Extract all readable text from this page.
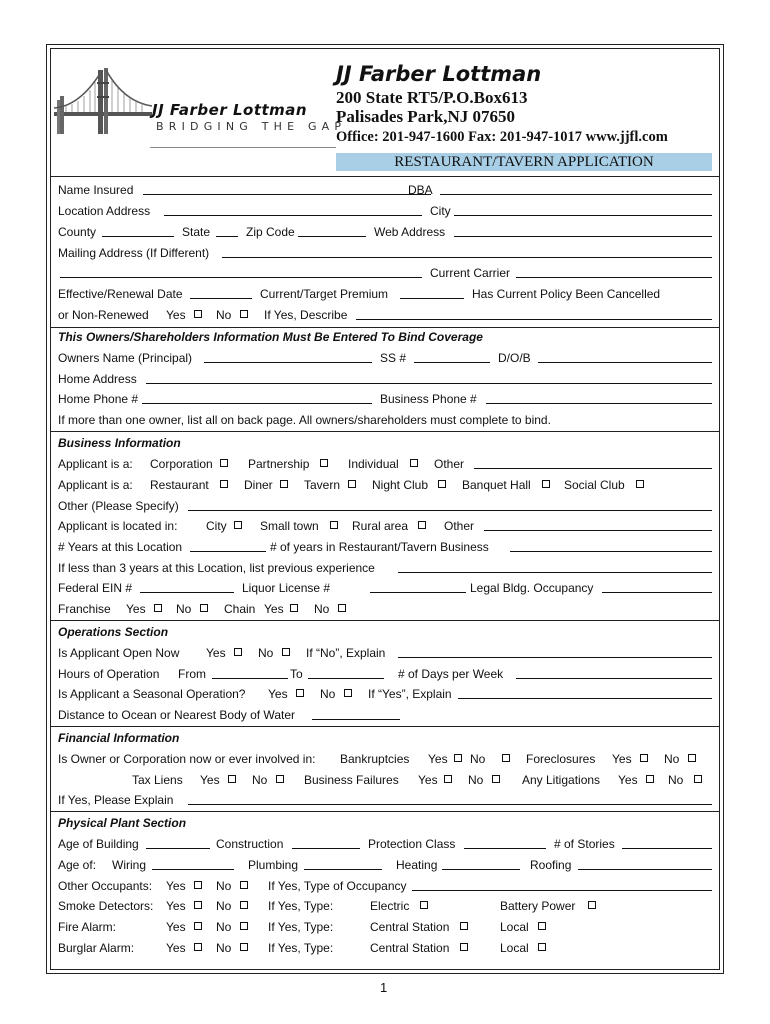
JJ Farber Lottman
BRIDGING THE GAP
JJ Farber Lottman
200 State RT5/P.O.Box613
Palisades Park,NJ 07650
Office: 201-947-1600 Fax: 201-947-1017 www.jjfl.com
RESTAURANT/TAVERN APPLICATION
Name Insured	DBA
Location Address	City
County	State	Zip Code	Web Address
Mailing Address (If Different)
Current Carrier
Effective/Renewal Date	Current/Target Premium	Has Current Policy Been Cancelled
or Non-Renewed Yes	No	If Yes, Describe
This Owners/Shareholders Information Must Be Entered To Bind Coverage
Owners Name (Principal)	SS #	D/O/B
Home Address
Home Phone #	Business Phone #
If more than one owner, list all on back page. All owners/shareholders must complete to bind.
Business Information
Applicant is a: Corporation	Partnership	Individual	Other
Applicant is a: Restaurant	Diner	Tavern	Night Club	Banquet Hall	Social Club
Other (Please Specify)
Applicant is located in: City	Small town	Rural area	Other
# Years at this Location	# of years in Restaurant/Tavern Business
If less than 3 years at this Location, list previous experience
Federal EIN #	Liquor License #	Legal Bldg. Occupancy
Franchise Yes	No	Chain Yes	No
Operations Section
Is Applicant Open Now Yes	No	If “No”, Explain
Hours of Operation From	To	# of Days per Week
Is Applicant a Seasonal Operation? Yes	No	If “Yes”, Explain
Distance to Ocean or Nearest Body of Water
Financial Information
Is Owner or Corporation now or ever involved in: Bankruptcies Yes No	Foreclosures Yes	No
Tax Liens Yes	No	Business Failures Yes	No	Any Litigations Yes	No
If Yes, Please Explain
Physical Plant Section
Age of Building	Construction	Protection Class	# of Stories
Age of: Wiring	Plumbing	Heating	Roofing
Other Occupants: Yes	No	If Yes, Type of Occupancy
Smoke Detectors: Yes	No	If Yes, Type:	Electric	Battery Power
Fire Alarm:	Yes	No	If Yes, Type:	Central Station	Local
Burglar Alarm:	Yes	No	If Yes, Type:	Central Station	Local
1
